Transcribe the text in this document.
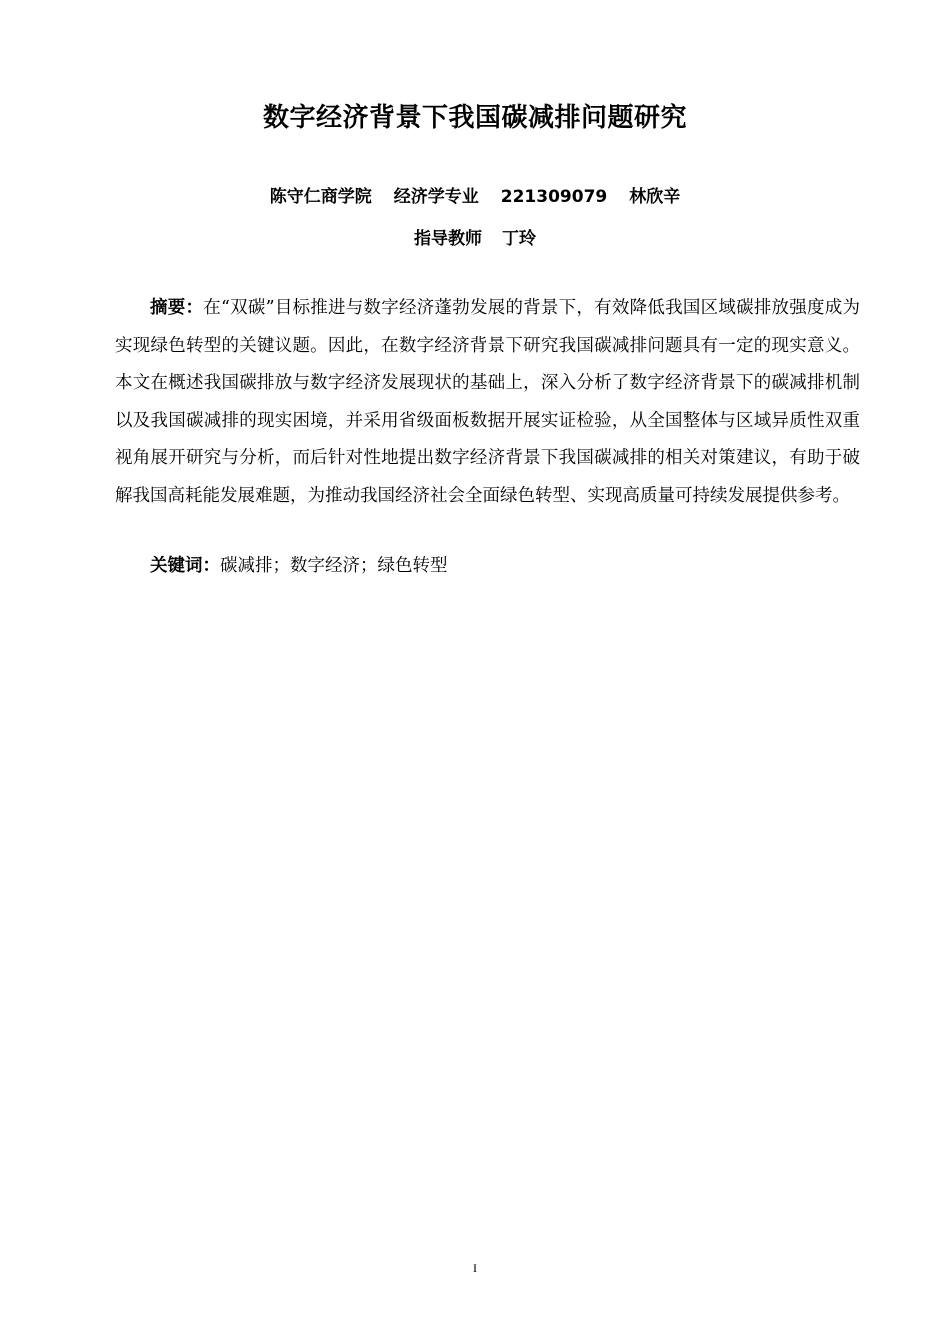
数字经济背景下我国碳减排问题研究
陈守仁商学院 经济学专业 221309079 林欣辛
指导教师 丁玲

摘要：在“双碳”目标推进与数字经济蓬勃发展的背景下，有效降低我国区域碳排放强度成为实现绿色转型的关键议题。因此，在数字经济背景下研究我国碳减排问题具有一定的现实意义。本文在概述我国碳排放与数字经济发展现状的基础上，深入分析了数字经济背景下的碳减排机制以及我国碳减排的现实困境，并采用省级面板数据开展实证检验，从全国整体与区域异质性双重视角展开研究与分析，而后针对性地提出数字经济背景下我国碳减排的相关对策建议，有助于破解我国高耗能发展难题，为推动我国经济社会全面绿色转型、实现高质量可持续发展提供参考。

关键词：碳减排；数字经济；绿色转型

I
